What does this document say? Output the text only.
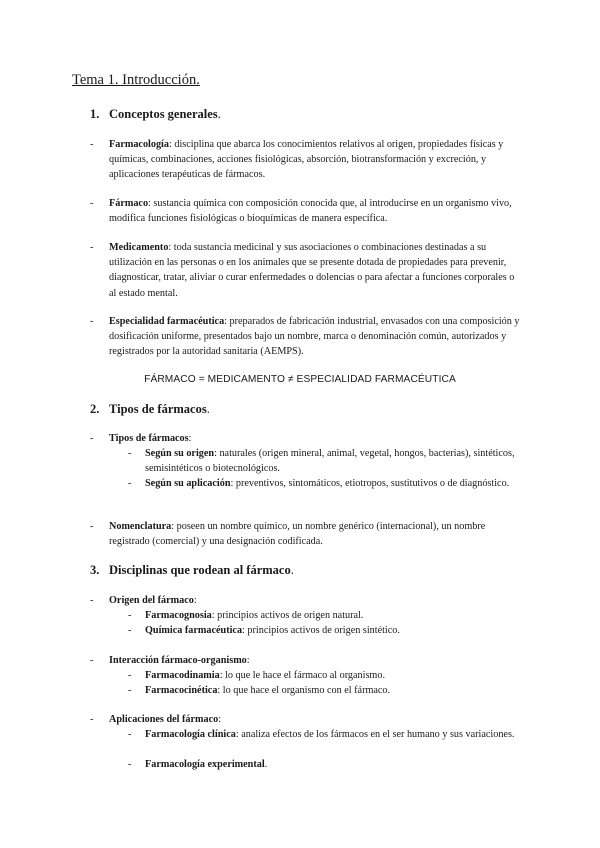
Tema 1. Introducción.
1. Conceptos generales.
- Farmacología: disciplina que abarca los conocimientos relativos al origen, propiedades físicas y químicas, combinaciones, acciones fisiológicas, absorción, biotransformación y excreción, y aplicaciones terapéuticas de fármacos.
- Fármaco: sustancia química con composición conocida que, al introducirse en un organismo vivo, modifica funciones fisiológicas o bioquímicas de manera específica.
- Medicamento: toda sustancia medicinal y sus asociaciones o combinaciones destinadas a su utilización en las personas o en los animales que se presente dotada de propiedades para prevenir, diagnosticar, tratar, aliviar o curar enfermedades o dolencias o para afectar a funciones corporales o al estado mental.
- Especialidad farmacéutica: preparados de fabricación industrial, envasados con una composición y dosificación uniforme, presentados bajo un nombre, marca o denominación común, autorizados y registrados por la autoridad sanitaria (AEMPS).
FÁRMACO = MEDICAMENTO ≠ ESPECIALIDAD FARMACÉUTICA
2. Tipos de fármacos.
- Tipos de fármacos:
- Según su origen: naturales (origen mineral, animal, vegetal, hongos, bacterias), sintéticos, semisintéticos o biotecnológicos.
- Según su aplicación: preventivos, sintomáticos, etiotropos, sustitutivos o de diagnóstico.
- Nomenclatura: poseen un nombre químico, un nombre genérico (internacional), un nombre registrado (comercial) y una designación codificada.
3. Disciplinas que rodean al fármaco.
- Origen del fármaco:
- Farmacognosia: principios activos de origen natural.
- Química farmacéutica: principios activos de origen sintético.
- Interacción fármaco-organismo:
- Farmacodinamia: lo que le hace el fármaco al organismo.
- Farmacocinética: lo que hace el organismo con el fármaco.
- Aplicaciones del fármaco:
- Farmacología clínica: analiza efectos de los fármacos en el ser humano y sus variaciones.
- Farmacología experimental.
